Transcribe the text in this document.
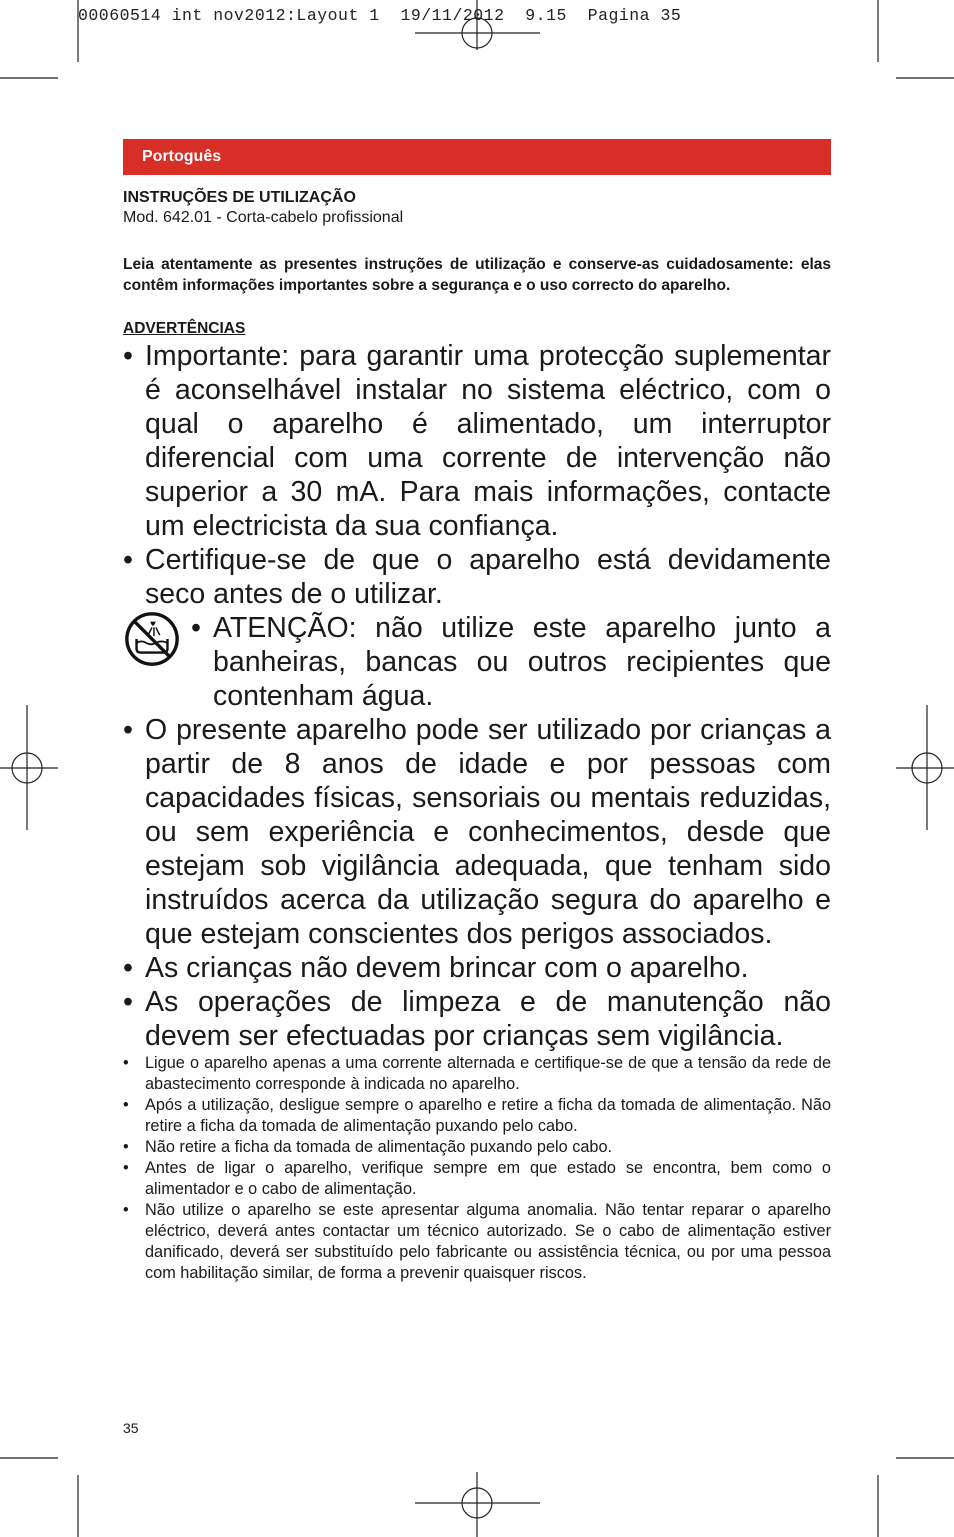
00060514 int nov2012:Layout 1  19/11/2012  9.15  Pagina 35
Portoguês
INSTRUÇÕES DE UTILIZAÇÃO
Mod. 642.01 - Corta-cabelo profissional
Leia atentamente as presentes instruções de utilização e conserve-as cuidadosamente: elas contêm informações importantes sobre a segurança e o uso correcto do aparelho.
ADVERTÊNCIAS
• Importante: para garantir uma protecção suplementar é aconselhável instalar no sistema eléctrico, com o qual o aparelho é alimentado, um interruptor diferencial com uma corrente de intervenção não superior a 30 mA. Para mais informações, contacte um electricista da sua confiança.
• Certifique-se de que o aparelho está devidamente seco antes de o utilizar.
• ATENÇÃO: não utilize este aparelho junto a banheiras, bancas ou outros recipientes que contenham água.
• O presente aparelho pode ser utilizado por crianças a partir de 8 anos de idade e por pessoas com capacidades físicas, sensoriais ou mentais reduzidas, ou sem experiência e conhecimentos, desde que estejam sob vigilância adequada, que tenham sido instruídos acerca da utilização segura do aparelho e que estejam conscientes dos perigos associados.
• As crianças não devem brincar com o aparelho.
• As operações de limpeza e de manutenção não devem ser efectuadas por crianças sem vigilância.
• Ligue o aparelho apenas a uma corrente alternada e certifique-se de que a tensão da rede de abastecimento corresponde à indicada no aparelho.
• Após a utilização, desligue sempre o aparelho e retire a ficha da tomada de alimentação. Não retire a ficha da tomada de alimentação puxando pelo cabo.
• Não retire a ficha da tomada de alimentação puxando pelo cabo.
• Antes de ligar o aparelho, verifique sempre em que estado se encontra, bem como o alimentador e o cabo de alimentação.
• Não utilize o aparelho se este apresentar alguma anomalia. Não tentar reparar o aparelho eléctrico, deverá antes contactar um técnico autorizado. Se o cabo de alimentação estiver danificado, deverá ser substituído pelo fabricante ou assistência técnica, ou por uma pessoa com habilitação similar, de forma a prevenir quaisquer riscos.
35
